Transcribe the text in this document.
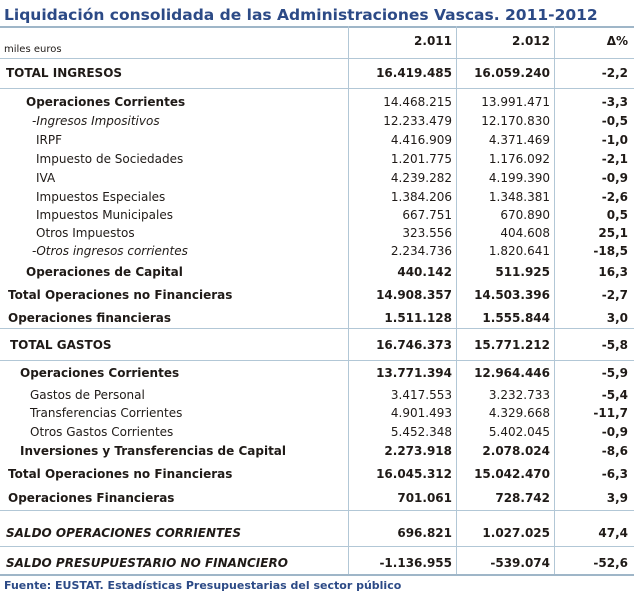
Liquidación consolidada de las Administraciones Vascas. 2011-2012
2.011	2.012	Δ%
miles euros
TOTAL INGRESOS	16.419.485 16.059.240	-2,2
Operaciones Corrientes	14.468.215 13.991.471	-3,3
-Ingresos Impositivos	12.233.479 12.170.830	-0,5
IRPF	4.416.909	4.371.469	-1,0
Impuesto de Sociedades	1.201.775	1.176.092	-2,1
IVA	4.239.282	4.199.390	-0,9
Impuestos Especiales	1.384.206	1.348.381	-2,6
Impuestos Municipales	667.751	670.890	0,5
Otros Impuestos	323.556	404.608	25,1
-Otros ingresos corrientes	2.234.736	1.820.641	-18,5
Operaciones de Capital	440.142	511.925	16,3
Total Operaciones no Financieras	14.908.357 14.503.396	-2,7
Operaciones financieras	1.511.128	1.555.844	3,0
TOTAL GASTOS	16.746.373 15.771.212	-5,8
Operaciones Corrientes	13.771.394 12.964.446	-5,9
Gastos de Personal	3.417.553	3.232.733	-5,4
Transferencias Corrientes	4.901.493	4.329.668	-11,7
Otros Gastos Corrientes	5.452.348	5.402.045	-0,9
Inversiones y Transferencias de Capital	2.273.918	2.078.024	-8,6
Total Operaciones no Financieras	16.045.312 15.042.470	-6,3
Operaciones Financieras	701.061	728.742	3,9
SALDO OPERACIONES CORRIENTES	696.821	1.027.025	47,4
SALDO PRESUPUESTARIO NO FINANCIERO	-1.136.955	-539.074	-52,6
Fuente: EUSTAT. Estadísticas Presupuestarias del sector público
